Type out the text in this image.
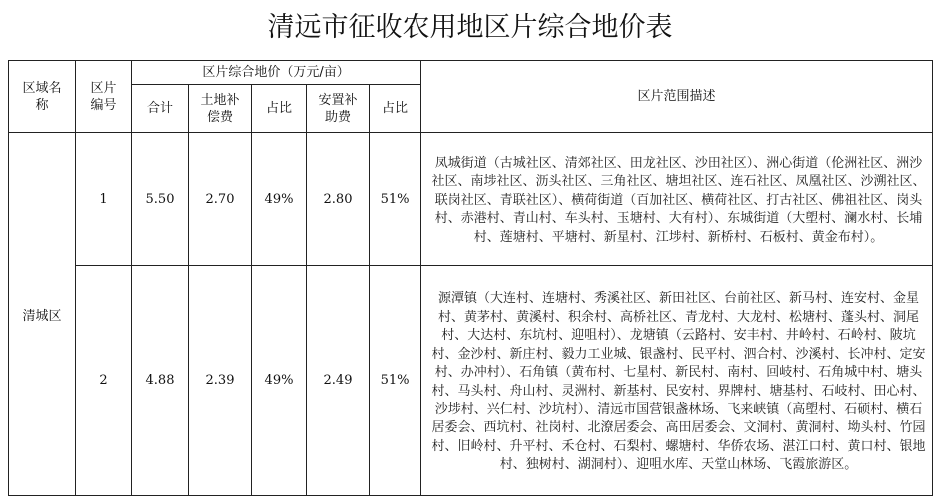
清远市征收农用地区片综合地价表
区域名称	区片编号	区片综合地价（万元/亩）					区片范围描述
		合计	土地补偿费	占比	安置补助费	占比	
清城区	1	5.50	2.70	49%	2.80	51%	凤城街道（古城社区、清郊社区、田龙社区、沙田社区）、洲心街道（伦洲社区、洲沙社区、南埗社区、沥头社区、三角社区、塘坦社区、连石社区、凤凰社区、沙溯社区、联岗社区、青联社区）、横荷街道（百加社区、横荷社区、打古社区、佛祖社区、岗头村、赤港村、青山村、车头村、玉塘村、大有村）、东城街道（大塱村、澜水村、长埔村、莲塘村、平塘村、新星村、江埗村、新桥村、石板村、黄金布村）。
	2	4.88	2.39	49%	2.49	51%	源潭镇（大连村、连塘村、秀溪社区、新田社区、台前社区、新马村、连安村、金星村、黄茅村、黄溪村、积余村、高桥社区、青龙村、大龙村、松塘村、蓬头村、洞尾村、大达村、东坑村、迎咀村）、龙塘镇（云路村、安丰村、井岭村、石岭村、陂坑村、金沙村、新庄村、毅力工业城、银盏村、民平村、泗合村、沙溪村、长冲村、定安村、办冲村）、石角镇（黄布村、七星村、新民村、南村、回岐村、石角城中村、塘头村、马头村、舟山村、灵洲村、新基村、民安村、界牌村、塘基村、石岐村、田心村、沙埗村、兴仁村、沙坑村）、清远市国营银盏林场、飞来峡镇（高塱村、石硕村、横石居委会、西坑村、社岗村、北潦居委会、高田居委会、文洞村、黄洞村、坳头村、竹园村、旧岭村、升平村、禾仓村、石梨村、螺塘村、华侨农场、湛江口村、黄口村、银地村、独树村、湖洞村）、迎咀水库、天堂山林场、飞霞旅游区。
